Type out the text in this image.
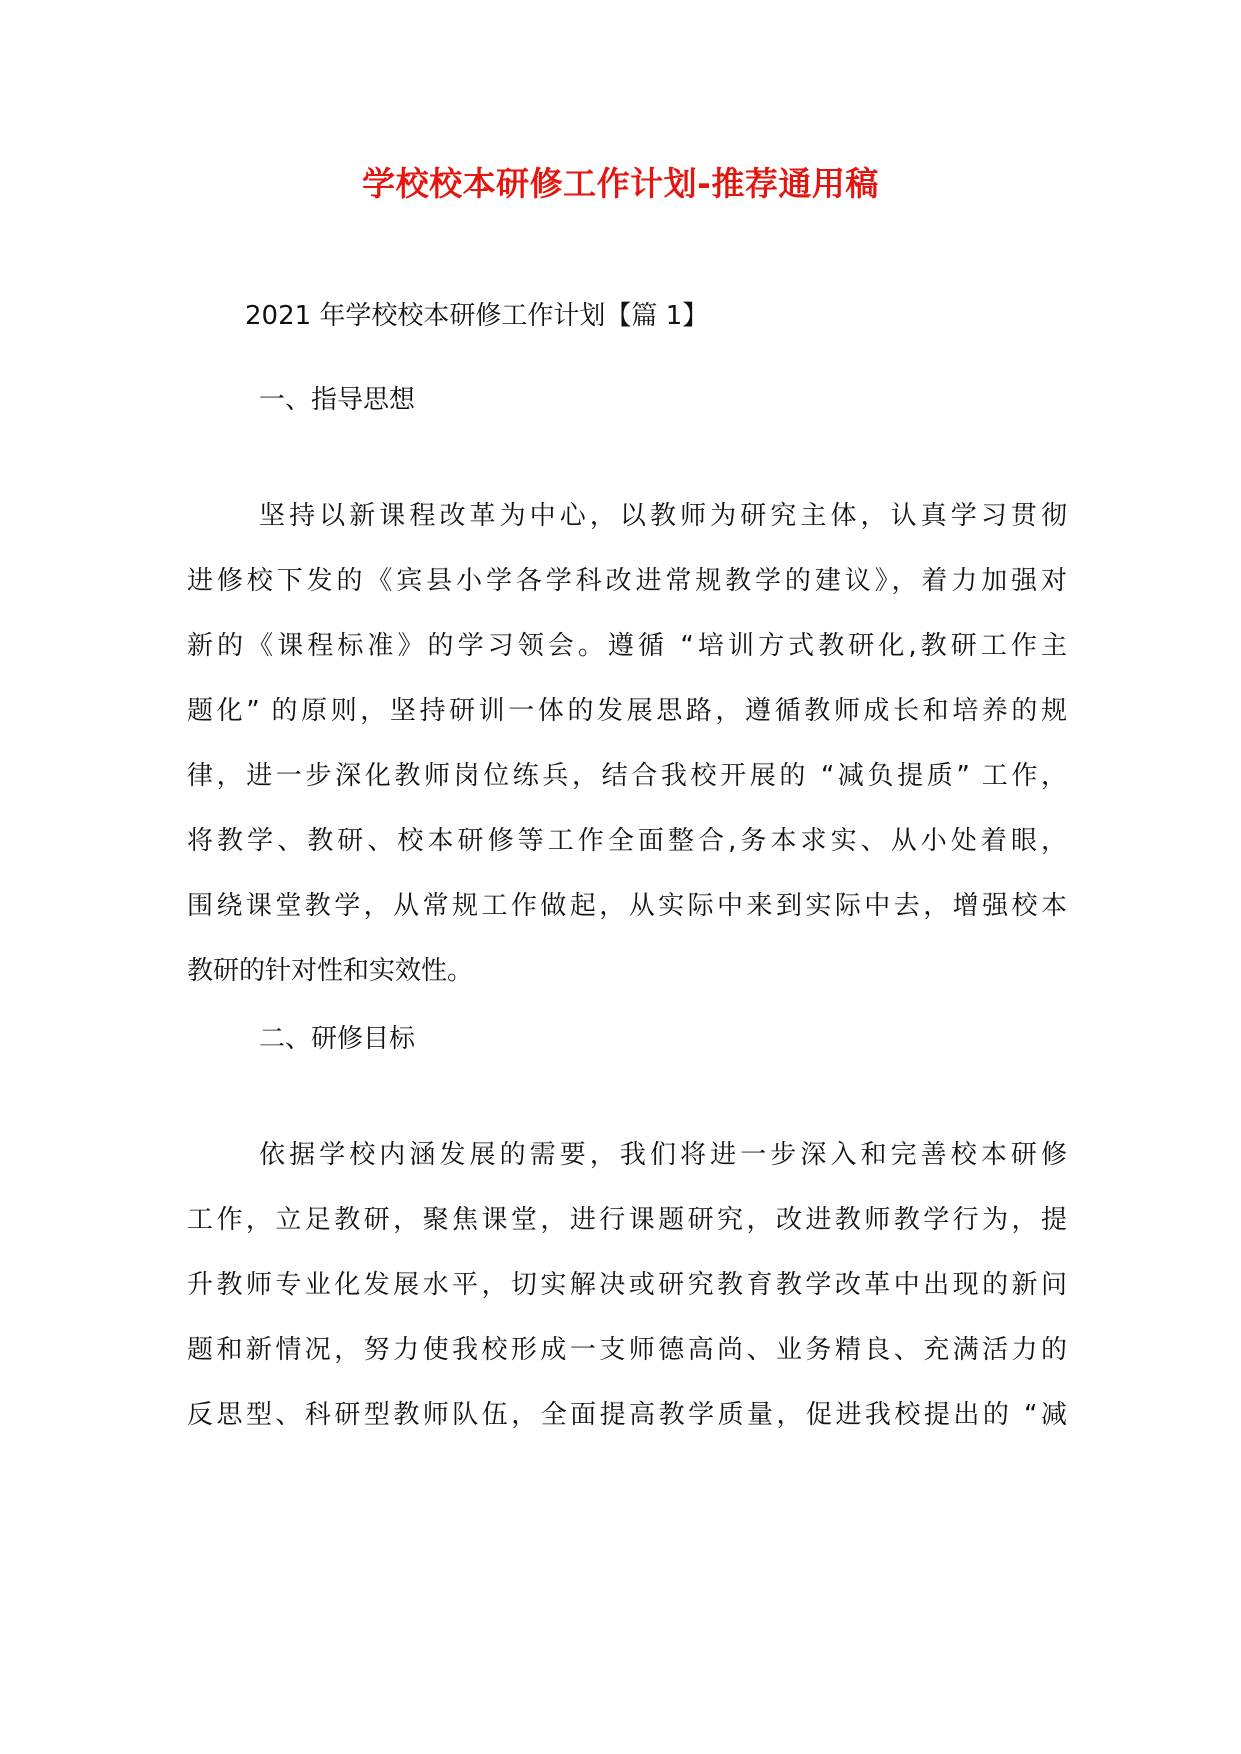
学校校本研修工作计划-推荐通用稿
2021 年学校校本研修工作计划【篇 1】
一、指导思想
坚持以新课程改革为中心，以教师为研究主体，认真学习贯彻
进修校下发的《宾县小学各学科改进常规教学的建议》，着力加强对
新的《课程标准》的学习领会。遵循 “培训方式教研化,教研工作主
题化” 的原则，坚持研训一体的发展思路，遵循教师成长和培养的规
律，进一步深化教师岗位练兵，结合我校开展的 “减负提质” 工作，
将教学、教研、校本研修等工作全面整合,务本求实、从小处着眼，
围绕课堂教学，从常规工作做起，从实际中来到实际中去，增强校本
教研的针对性和实效性。
二、研修目标
依据学校内涵发展的需要，我们将进一步深入和完善校本研修
工作，立足教研，聚焦课堂，进行课题研究，改进教师教学行为，提
升教师专业化发展水平，切实解决或研究教育教学改革中出现的新问
题和新情况，努力使我校形成一支师德高尚、业务精良、充满活力的
反思型、科研型教师队伍，全面提高教学质量，促进我校提出的 “减
